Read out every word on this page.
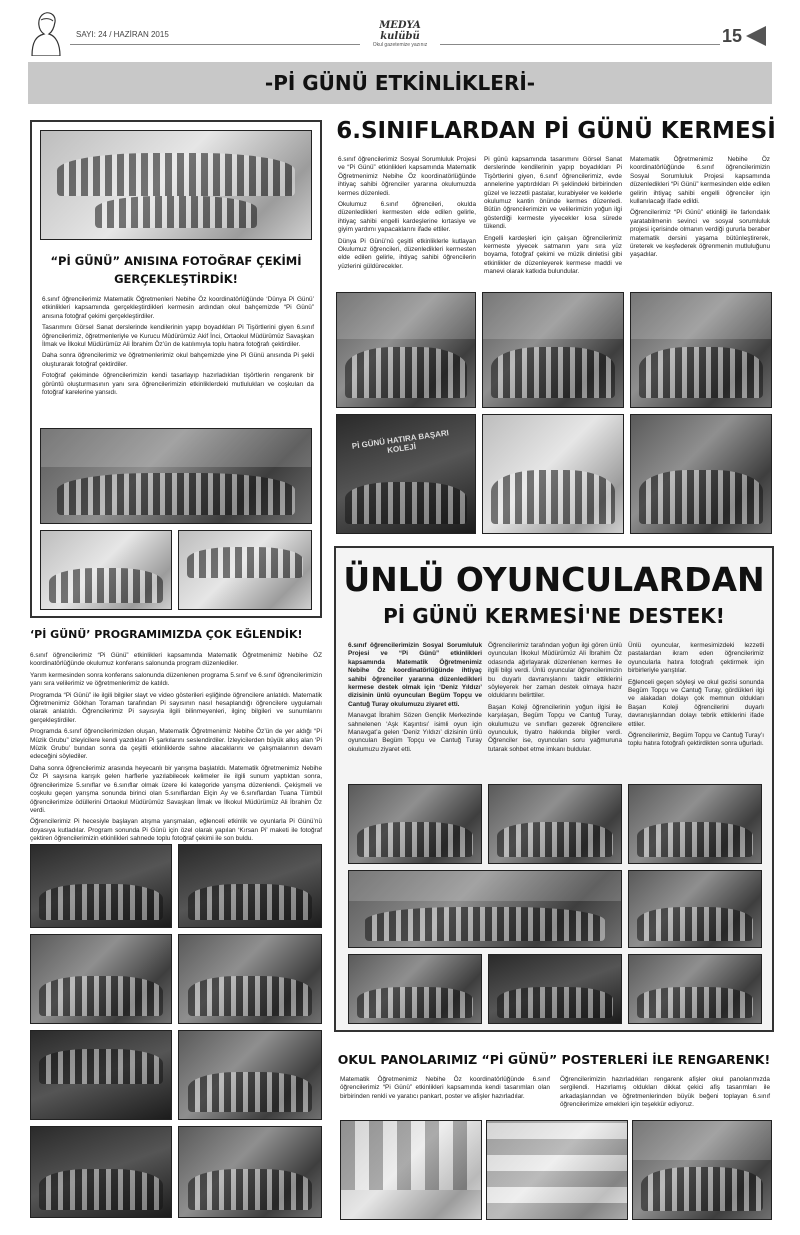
SAYI: 24 / HAZİRAN 2015
MEDYA kulübü
Okul gazetemize yazınız	15
-Pİ GÜNÜ ETKİNLİKLERİ-
“Pİ GÜNÜ” ANISINA FOTOĞRAF ÇEKİMİ
GERÇEKLEŞTİRDİK!

6.sınıf öğrencilerimiz Matematik Öğretmenleri Nebihe Öz koordinatörlüğünde ‘Dünya Pi Günü’ etkinlikleri kapsamında gerçekleştirdikleri kermesin ardından okul bahçemizde “Pi Günü” anısına fotoğraf çekimi gerçekleştirdiler.

Tasarımını Görsel Sanat derslerinde kendilerinin yapıp boyadıkları Pi Tişörtlerini giyen 6.sınıf öğrencilerimiz, öğretmenleriyle ve Kurucu Müdürümüz Akif İnci, Ortaokul Müdürümüz Savaşkan İlmak ve İlkokul Müdürümüz Ali İbrahim Öz’ün de katılımıyla toplu hatıra fotoğrafı çektirdiler.

Daha sonra öğrencilerimiz ve öğretmenlerimiz okul bahçemizde yine Pi Günü anısında Pi şekli oluşturarak fotoğraf çektirdiler.

Fotoğraf çekiminde öğrencilerimizin kendi tasarlayıp hazırladıkları tişörtlerin rengarenk bir görüntü oluşturmasının yanı sıra öğrencilerimizin etkinliklerdeki mutlulukları ve coşkuları da fotoğraf karelerine yansıdı.

‘Pİ GÜNÜ’ PROGRAMIMIZDA ÇOK EĞLENDİK!

6.sınıf öğrencilerimiz “Pi Günü” etkinlikleri kapsamında Matematik Öğretmenimiz Nebihe ÖZ koordinatörlüğünde okulumuz konferans salonunda program düzenlediler.

Yarım kermesinden sonra konferans salonunda düzenlenen programa 5.sınıf ve 6.sınıf öğrencilerimizin yanı sıra velilerimiz ve öğretmenlerimiz de katıldı.

Programda “Pi Günü” ile ilgili bilgiler slayt ve video gösterileri eşliğinde öğrencilere anlatıldı. Matematik Öğretmenimiz Gökhan Toraman tarafından Pi sayısının nasıl hesaplandığı öğrencilere uygulamalı olarak anlatıldı. Öğrencilerimiz Pi sayısıyla ilgili bilinmeyenleri, ilginç bilgileri ve sunumlarını gerçekleştirdiler.

Programda 6.sınıf öğrencilerimizden oluşan, Matematik Öğretmenimiz Nebihe Öz’ün de yer aldığı “Pi Müzik Grubu” izleyicilere kendi yazdıkları Pi şarkılarını seslendirdiler. İzleyicilerden büyük alkış alan ‘Pi Müzik Grubu’ bundan sonra da çeşitli etkinliklerde sahne alacaklarını ve çalışmalarının devam edeceğini söylediler.

Daha sonra öğrencilerimiz arasında heyecanlı bir yarışma başlatıldı. Matematik öğretmenimiz Nebihe Öz Pi sayısına karışık gelen harflerle yazılabilecek kelimeler ile ilgili sunum yaptıktan sonra, öğrencilerimize 5.sınıflar ve 6.sınıflar olmak üzere iki kategoride yarışma düzenlendi. Çekişmeli ve coşkulu geçen yarışma sonunda birinci olan 5.sınıflardan Elçin Ay ve 6.sınıflardan Tuana Tümbül öğrencilerimize ödüllerini Ortaokul Müdürümüz Savaşkan İlmak ve İlkokul Müdürümüz Ali İbrahim Öz verdi.

Öğrencilerimiz Pi hecesiyle başlayan atışma yarışmaları, eğlenceli etkinlik ve oyunlarla Pi Günü’nü doyasıya kutladılar. Program sonunda Pi Günü için özel olarak yapılan ‘Kırsan Pi’ maketi ile fotoğraf çektiren öğrencilerimizin etkinlikleri sahnede toplu fotoğraf çekimi ile son buldu.

6.SINIFLARDAN Pİ GÜNÜ KERMESİ

6.sınıf öğrencilerimiz Sosyal Sorumluluk Projesi ve “Pi Günü” etkinlikleri kapsamında Matematik Öğretmenimiz Nebihe Öz koordinatörlüğünde ihtiyaç sahibi öğrenciler yararına okulumuzda kermes düzenledi.

Okulumuz 6.sınıf öğrencileri, okulda düzenledikleri kermesten elde edilen gelirle, ihtiyaç sahibi engelli kardeşlerine kırtasiye ve giyim yardımı yapacaklarını ifade ettiler.

Dünya Pi Günü’nü çeşitli etkinliklerle kutlayan Okulumuz öğrencileri, düzenledikleri kermesten elde edilen gelirle, ihtiyaç sahibi öğrencilerin yüzlerini güldürecekler.

Pi günü kapsamında tasarımını Görsel Sanat derslerinde kendilerinin yapıp boyadıkları Pi Tişörtlerini giyen, 6.sınıf öğrencilerimiz, evde annelerine yaptırdıkları Pi şeklindeki birbirinden güzel ve lezzetli pastalar, kurabiyeler ve keklerle okulumuz kantin önünde kermes düzenledi. Bütün öğrencilerimizin ve velilerimizin yoğun ilgi gösterdiği kermeste yiyecekler kısa sürede tükendi.

Engelli kardeşleri için çalışan öğrencilerimiz kermeste yiyecek satmanın yanı sıra yüz boyama, fotoğraf çekimi ve müzik dinletisi gibi etkinlikler de düzenleyerek kermese maddi ve manevi olarak katkıda bulundular.

Matematik Öğretmenimiz Nebihe Öz koordinatörlüğünde 6.sınıf öğrencilerimizin Sosyal Sorumluluk Projesi kapsamında düzenledikleri “Pi Günü” kermesinden elde edilen gelirin ihtiyaç sahibi engelli öğrenciler için kullanılacağı ifade edildi.

Öğrencilerimiz “Pi Günü” etkinliği ile farkındalık yaratabilmenin sevinci ve sosyal sorumluluk projesi içerisinde olmanın verdiği gururla beraber matematik dersini yaşama bütünleştirerek, üreterek ve keşfederek öğrenmenin mutluluğunu yaşadılar.

Pİ GÜNÜ HATIRA BAŞARI KOLEJİ
ÜNLÜ OYUNCULARDAN
Pİ GÜNÜ KERMESİ'NE DESTEK!

6.sınıf öğrencilerimizin Sosyal Sorumluluk Projesi ve “Pi Günü” etkinlikleri kapsamında Matematik Öğretmenimiz Nebihe Öz koordinatörlüğünde ihtiyaç sahibi öğrenciler yararına düzenledikleri kermese destek olmak için ‘Deniz Yıldızı’ dizisinin ünlü oyuncuları Begüm Topçu ve Cantuğ Turay okulumuzu ziyaret etti.

Manavgat İbrahim Sözen Gençlik Merkezinde sahnelenen ‘Aşk Kaşıntısı’ isimli oyun için Manavgat’a gelen ‘Deniz Yıldızı’ dizisinin ünlü oyuncuları Begüm Topçu ve Cantuğ Turay okulumuzu ziyaret etti.

Öğrencilerimiz tarafından yoğun ilgi gören ünlü oyuncuları İlkokul Müdürümüz Ali İbrahim Öz odasında ağırlayarak düzenlenen kermes ile ilgili bilgi verdi. Ünlü oyuncular öğrencilerimizin bu duyarlı davranışlarını takdir ettiklerini söyleyerek her zaman destek olmaya hazır olduklarını belirttiler.

Başarı Koleji öğrencilerinin yoğun ilgisi ile karşılaşan, Begüm Topçu ve Cantuğ Turay, okulumuzu ve sınıfları gezerek öğrencilere oyunculuk, tiyatro hakkında bilgiler verdi. Öğrenciler ise, oyuncuları soru yağmuruna tutarak sohbet etme imkanı buldular.

Ünlü oyuncular, kermesimizdeki lezzetli pastalardan ikram eden öğrencilerimiz oyuncularla hatıra fotoğrafı çektirmek için birbirleriyle yarıştılar.

Eğlenceli geçen söyleşi ve okul gezisi sonunda Begüm Topçu ve Cantuğ Turay, gördükleri ilgi ve alakadan dolayı çok memnun oldukları Başarı Koleji öğrencilerini duyarlı davranışlarından dolayı tebrik ettiklerini ifade ettiler.

Öğrencilerimiz, Begüm Topçu ve Cantuğ Turay’ı toplu hatıra fotoğrafı çektirdikten sonra uğurladı.

OKUL PANOLARIMIZ “Pİ GÜNÜ” POSTERLERİ İLE RENGARENK!

Matematik Öğretmenimiz Nebihe Öz koordinatörlüğünde 6.sınıf öğrencilerimiz “Pi Günü” etkinlikleri kapsamında kendi tasarımları olan birbirinden renkli ve yaratıcı pankart, poster ve afişler hazırladılar.

Öğrencilerimizin hazırladıkları rengarenk afişler okul panolarımızda sergilendi. Hazırlamış oldukları dikkat çekici afiş tasarımları ile arkadaşlarından ve öğretmenlerinden büyük beğeni toplayan 6.sınıf öğrencilerimize emekleri için teşekkür ediyoruz.
